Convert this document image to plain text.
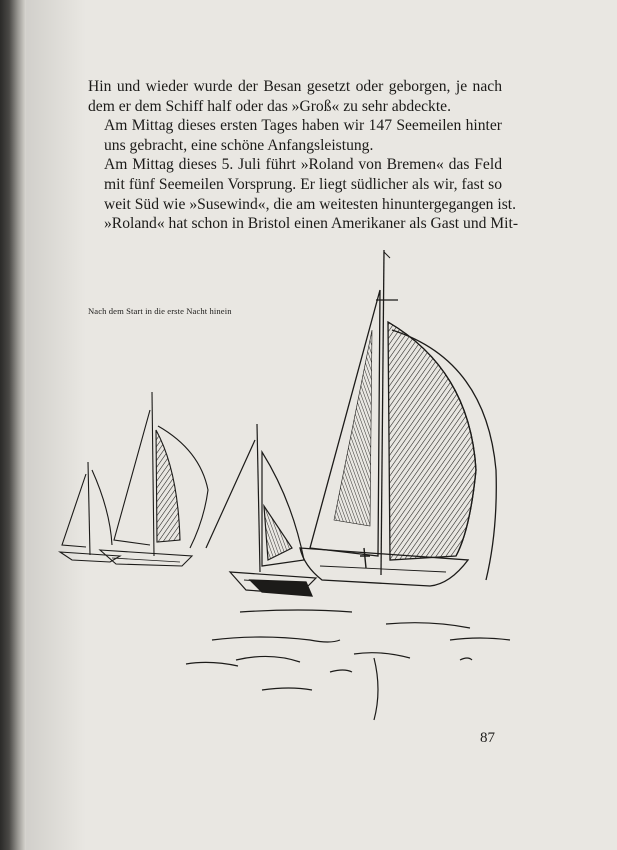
Hin und wieder wurde der Besan gesetzt oder geborgen, je nach
dem er dem Schiff half oder das »Groß« zu sehr abdeckte.

Am Mittag dieses ersten Tages haben wir 147 Seemeilen hinter
uns gebracht, eine schöne Anfangsleistung.

Am Mittag dieses 5. Juli führt »Roland von Bremen« das Feld
mit fünf Seemeilen Vorsprung. Er liegt südlicher als wir, fast so
weit Süd wie »Susewind«, die am weitesten hinuntergegangen ist.
»Roland« hat schon in Bristol einen Amerikaner als Gast und Mit-

Nach dem Start in die erste Nacht hinein
87
